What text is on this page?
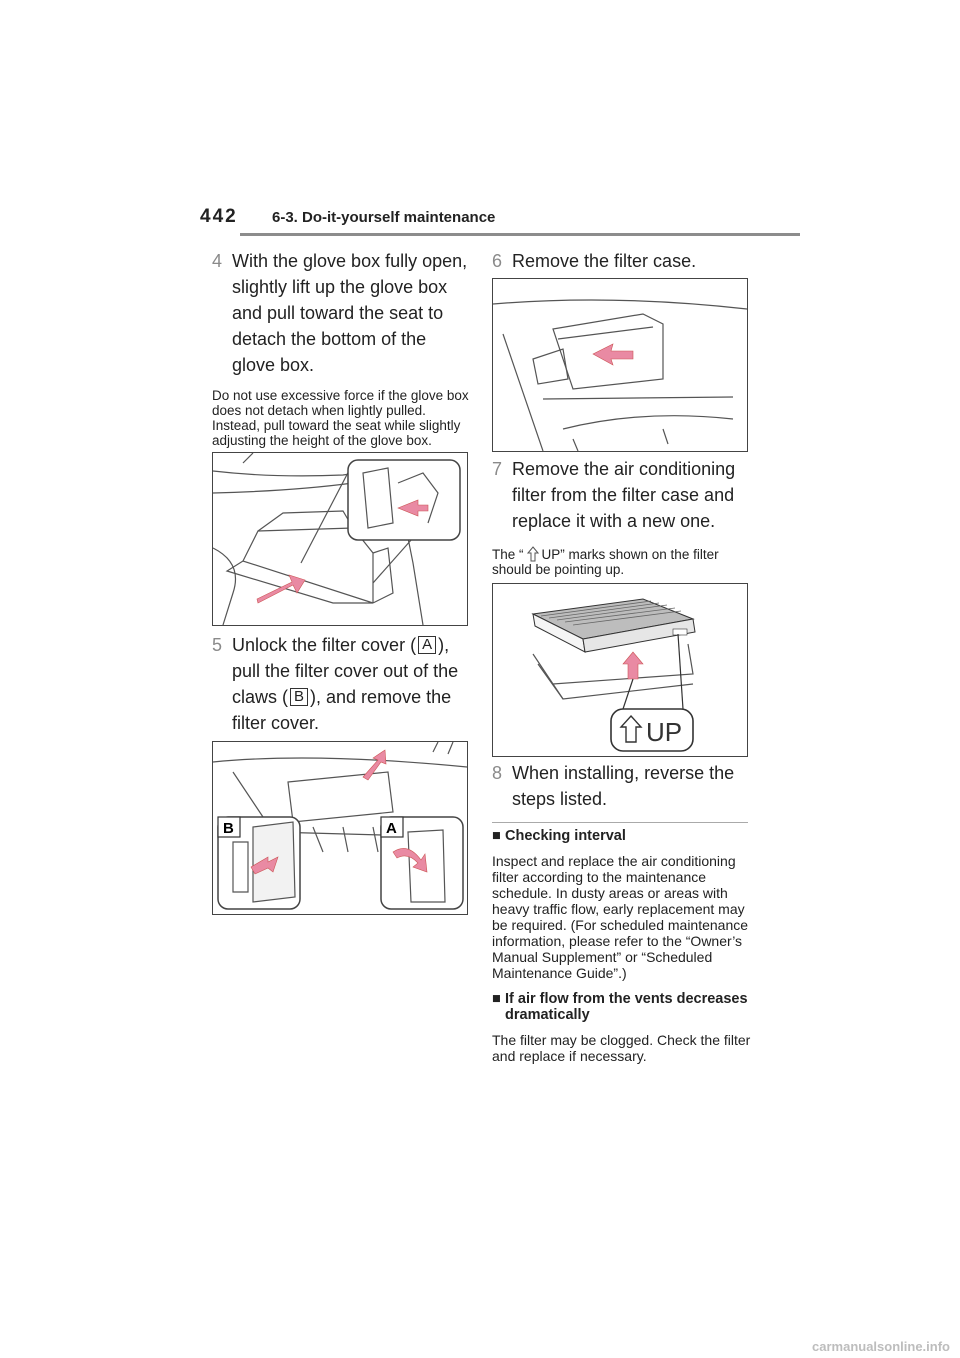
442 6-3. Do-it-yourself maintenance
4 With the glove box fully open, slightly lift up the glove box and pull toward the seat to detach the bottom of the glove box.
Do not use excessive force if the glove box does not detach when lightly pulled. Instead, pull toward the seat while slightly adjusting the height of the glove box.
5 Unlock the filter cover ( A ), pull the filter cover out of the claws ( B ), and remove the filter cover.
B	A
6 Remove the filter case.
7 Remove the air conditioning filter from the filter case and replace it with a new one.
The “ UP” marks shown on the filter should be pointing up.
UP
8 When installing, reverse the steps listed.
■ Checking interval
Inspect and replace the air conditioning filter according to the maintenance schedule. In dusty areas or areas with heavy traffic flow, early replacement may be required. (For scheduled maintenance information, please refer to the “Owner’s Manual Supplement” or “Scheduled Maintenance Guide”.)
■ If air flow from the vents decreases dramatically
The filter may be clogged. Check the filter and replace if necessary.
carmanualsonline.info
